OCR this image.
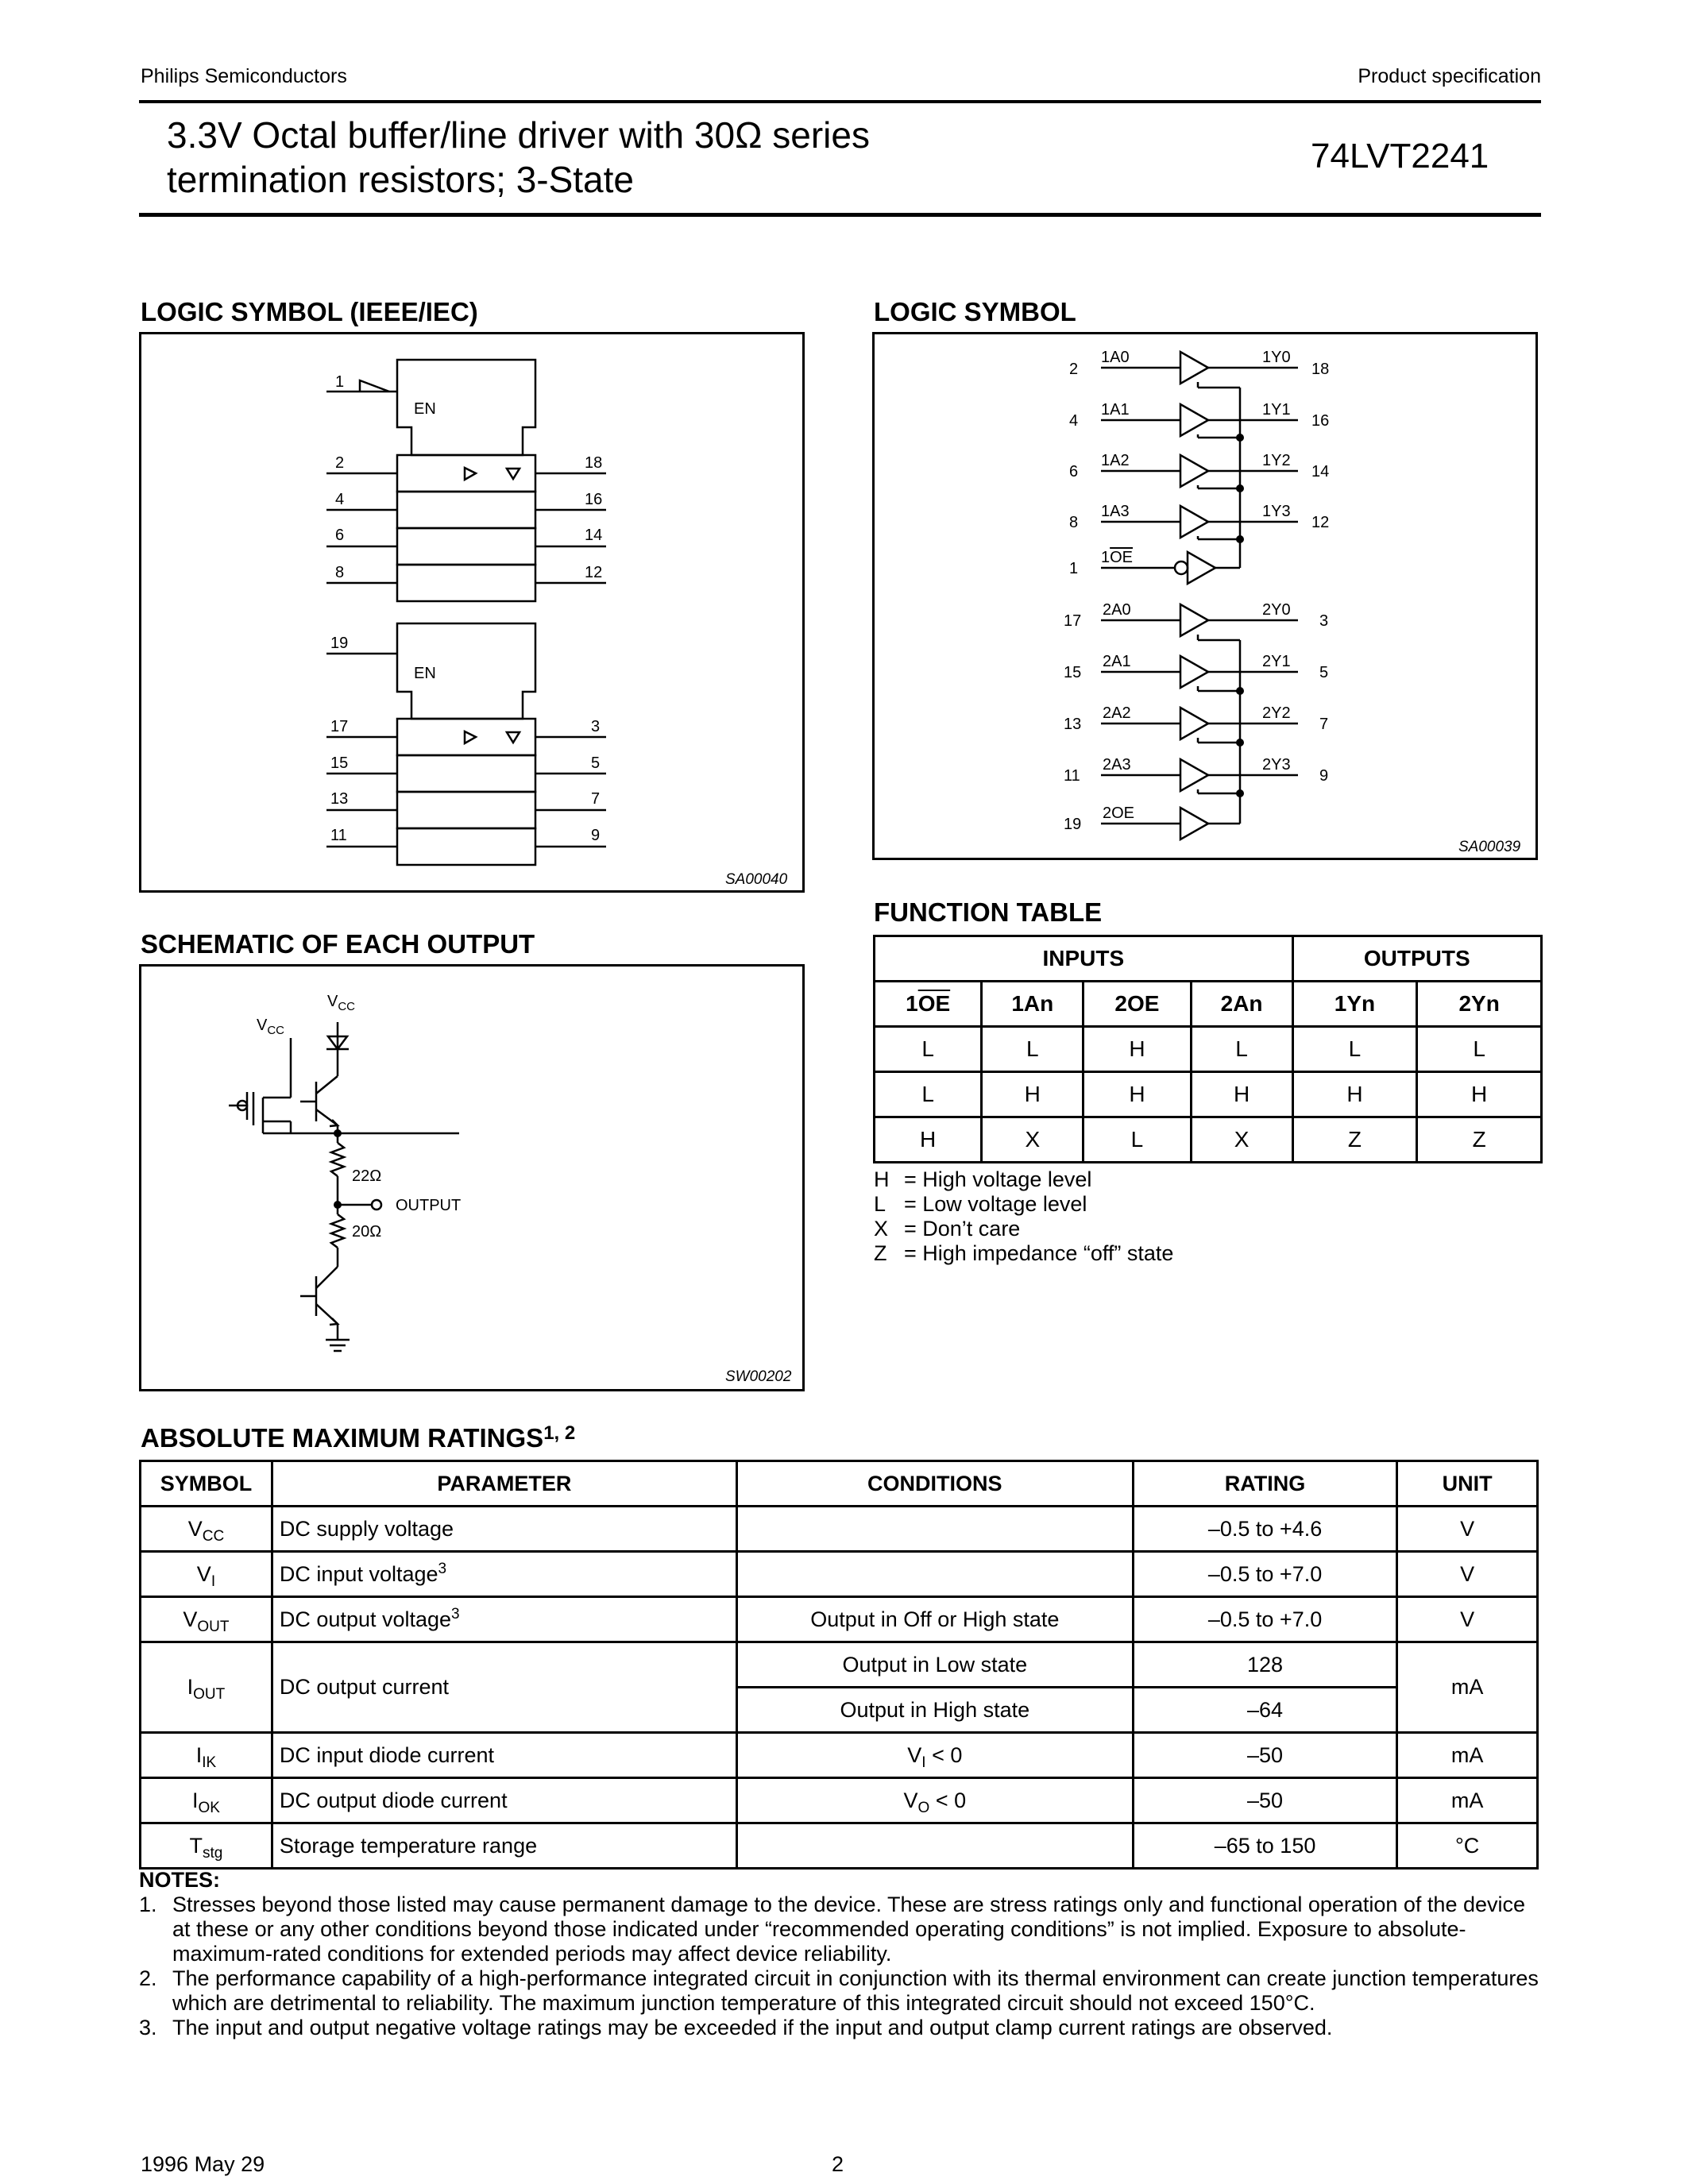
Philips Semiconductors	Product specification
3.3V Octal buffer/line driver with 30Ω series
termination resistors; 3-State
74LVT2241
LOGIC SYMBOL (IEEE/IEC)
1
EN
2
4
6
8
18
16
14
12
19
EN
17
15
13
11
3
5
7
9
SA00040
LOGIC SYMBOL
2
1A0	1Y0
18
4
1A1	1Y1
16
6
1A2	1Y2
14
8
1A3	1Y3
12
1
1OE
17
2A0	2Y0
3
15
2A1	2Y1
5
13
2A2	2Y2
7
11
2A3	2Y3
9
19
2OE
SA00039
FUNCTION TABLE
INPUTS				OUTPUTS	
$1\overline{OE}$	1An	2OE	2An	1Yn	2Yn
L	L	H	L	L	L
L	H	H	H	H	H
H	X	L	X	Z	Z
H = High voltage level
L = Low voltage level
X = Don’t care
Z = High impedance “off” state
SCHEMATIC OF EACH OUTPUT
$V_{CC}$
$V_{CC}$
22Ω
20Ω
OUTPUT
SW00202
ABSOLUTE MAXIMUM RATINGS$^{1, 2}$
SYMBOL	PARAMETER	CONDITIONS	RATING	UNIT
$V_{CC}$	DC supply voltage		–0.5 to +4.6	V
$V_I$	DC input voltage$^3$		–0.5 to +7.0	V
$V_{OUT}$	DC output voltage$^3$	Output in Off or High state	–0.5 to +7.0	V
$I_{OUT}$	DC output current	Output in Low state	128	mA
		Output in High state	–64	
$I_{IK}$	DC input diode current	$V_I < 0$	–50	mA
$I_{OK}$	DC output diode current	$V_O < 0$	–50	mA
$T_{stg}$	Storage temperature range		–65 to 150	°C
NOTES:
1. Stresses beyond those listed may cause permanent damage to the device. These are stress ratings only and functional operation of the device at these or any other conditions beyond those indicated under “recommended operating conditions” is not implied. Exposure to absolute-maximum-rated conditions for extended periods may affect device reliability.
2. The performance capability of a high-performance integrated circuit in conjunction with its thermal environment can create junction temperatures which are detrimental to reliability. The maximum junction temperature of this integrated circuit should not exceed 150°C.
3. The input and output negative voltage ratings may be exceeded if the input and output clamp current ratings are observed.
1996 May 29	2
